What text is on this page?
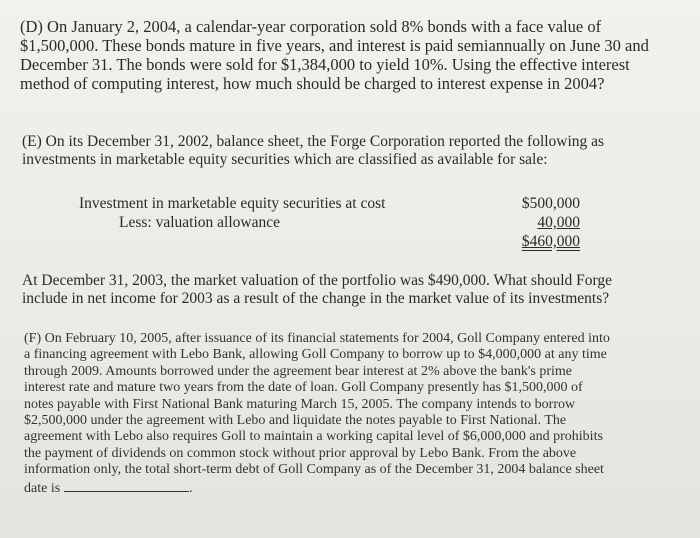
(D) On January 2, 2004, a calendar-year corporation sold 8% bonds with a face value of
$1,500,000. These bonds mature in five years, and interest is paid semiannually on June 30 and
December 31. The bonds were sold for $1,384,000 to yield 10%. Using the effective interest
method of computing interest, how much should be charged to interest expense in 2004?
(E) On its December 31, 2002, balance sheet, the Forge Corporation reported the following as
investments in marketable equity securities which are classified as available for sale:
Investment in marketable equity securities at cost
Less: valuation allowance
$500,000
40,000
$460,000
At December 31, 2003, the market valuation of the portfolio was $490,000. What should Forge
include in net income for 2003 as a result of the change in the market value of its investments?
(F) On February 10, 2005, after issuance of its financial statements for 2004, Goll Company entered into
a financing agreement with Lebo Bank, allowing Goll Company to borrow up to $4,000,000 at any time
through 2009. Amounts borrowed under the agreement bear interest at 2% above the bank's prime
interest rate and mature two years from the date of loan. Goll Company presently has $1,500,000 of
notes payable with First National Bank maturing March 15, 2005. The company intends to borrow
$2,500,000 under the agreement with Lebo and liquidate the notes payable to First National. The
agreement with Lebo also requires Goll to maintain a working capital level of $6,000,000 and prohibits
the payment of dividends on common stock without prior approval by Lebo Bank. From the above
information only, the total short-term debt of Goll Company as of the December 31, 2004 balance sheet
date is	.
